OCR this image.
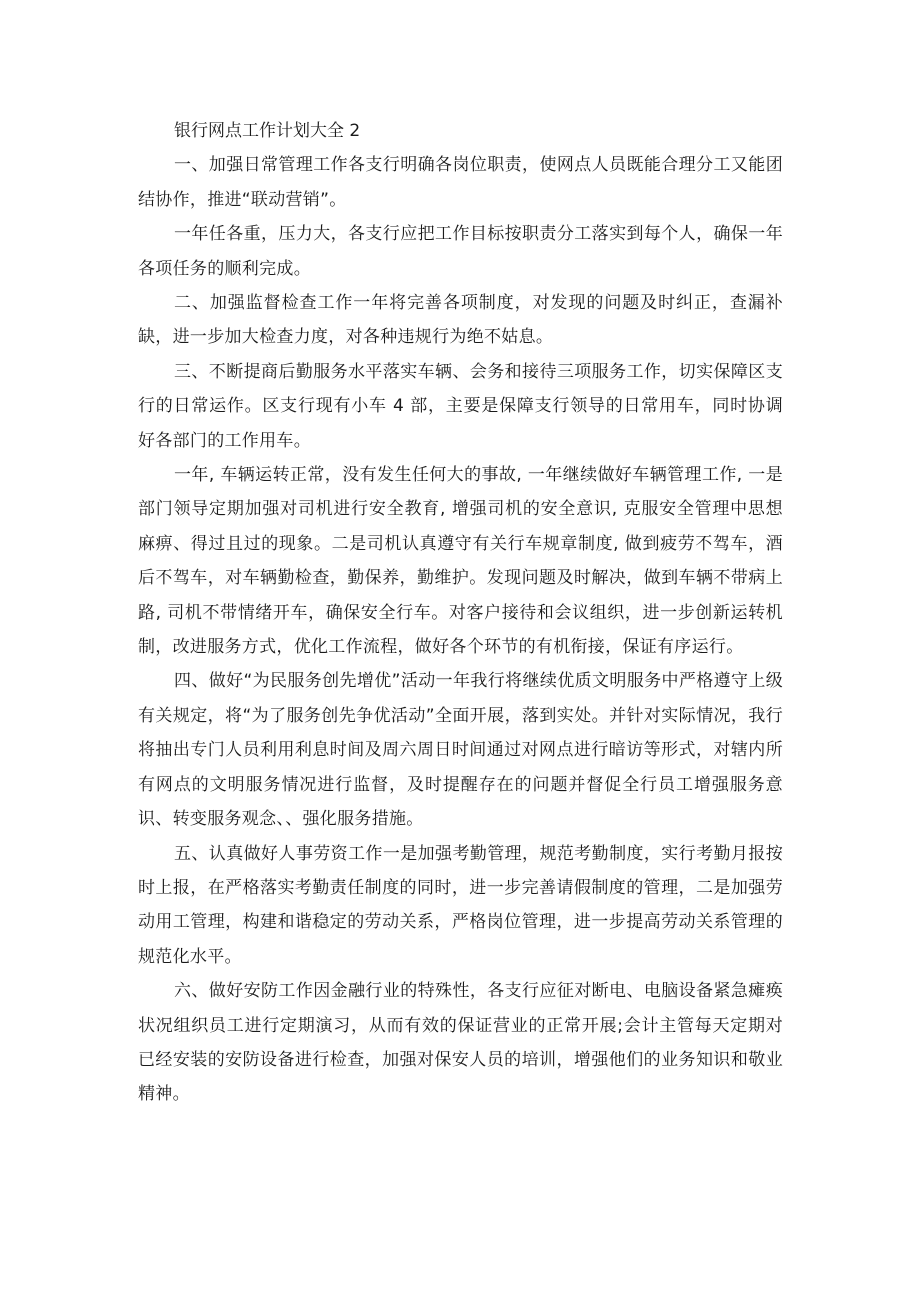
银行网点工作计划大全 2

一、加强日常管理工作各支行明确各岗位职责，使网点人员既能合理分工又能团结协作，推进“联动营销”。

一年任各重，压力大，各支行应把工作目标按职责分工落实到每个人，确保一年各项任务的顺利完成。

二、加强监督检查工作一年将完善各项制度，对发现的问题及时纠正，查漏补缺，进一步加大检查力度，对各种违规行为绝不姑息。

三、不断提商后勤服务水平落实车辆、会务和接待三项服务工作，切实保障区支行的日常运作。区支行现有小车 4 部，主要是保障支行领导的日常用车，同时协调好各部门的工作用车。

一年, 车辆运转正常，没有发生任何大的事故, 一年继续做好车辆管理工作, 一是部门领导定期加强对司机进行安全教育, 增强司机的安全意识, 克服安全管理中思想麻痹、得过且过的现象。二是司机认真遵守有关行车规章制度, 做到疲劳不驾车，酒后不驾车，对车辆勤检查，勤保养，勤维护。发现问题及时解决，做到车辆不带病上路, 司机不带情绪开车，确保安全行车。对客户接待和会议组织，进一步创新运转机制，改进服务方式，优化工作流程，做好各个环节的有机衔接，保证有序运行。

四、做好“为民服务创先增优”活动一年我行将继续优质文明服务中严格遵守上级有关规定，将“为了服务创先争优活动”全面开展，落到实处。并针对实际情况，我行将抽出专门人员利用利息时间及周六周日时间通过对网点进行暗访等形式，对辖内所有网点的文明服务情况进行监督，及时提醒存在的问题并督促全行员工增强服务意识、转变服务观念、、强化服务措施。

五、认真做好人事劳资工作一是加强考勤管理，规范考勤制度，实行考勤月报按时上报，在严格落实考勤责任制度的同时，进一步完善请假制度的管理，二是加强劳动用工管理，构建和谐稳定的劳动关系，严格岗位管理，进一步提高劳动关系管理的规范化水平。

六、做好安防工作因金融行业的特殊性，各支行应征对断电、电脑设备紧急瘫痪状况组织员工进行定期演习，从而有效的保证营业的正常开展;会计主管每天定期对已经安装的安防设备进行检查，加强对保安人员的培训，增强他们的业务知识和敬业精神。
